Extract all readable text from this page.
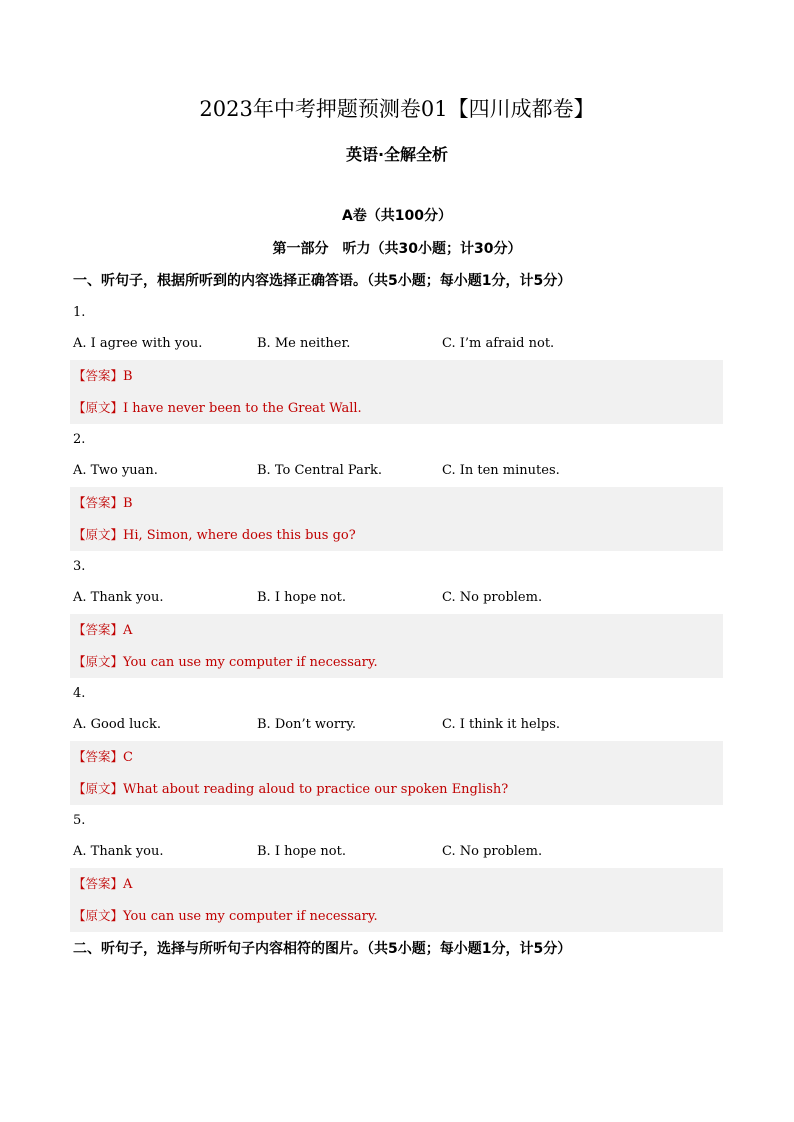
2023年中考押题预测卷01【四川成都卷】
英语·全解全析
A卷（共100分）
第一部分　听力（共30小题；计30分）
一、听句子，根据所听到的内容选择正确答语。（共5小题；每小题1分，计5分）
1.
A. I agree with you.	B. Me neither.	C. I’m afraid not.
【答案】B
【原文】I have never been to the Great Wall.
2.
A. Two yuan.	B. To Central Park.	C. In ten minutes.
【答案】B
【原文】Hi, Simon, where does this bus go?
3.
A. Thank you.	B. I hope not.	C. No problem.
【答案】A
【原文】You can use my computer if necessary.
4.
A. Good luck.	B. Don’t worry.	C. I think it helps.
【答案】C
【原文】What about reading aloud to practice our spoken English?
5.
A. Thank you.	B. I hope not.	C. No problem.
【答案】A
【原文】You can use my computer if necessary.
二、听句子，选择与所听句子内容相符的图片。（共5小题；每小题1分，计5分）
